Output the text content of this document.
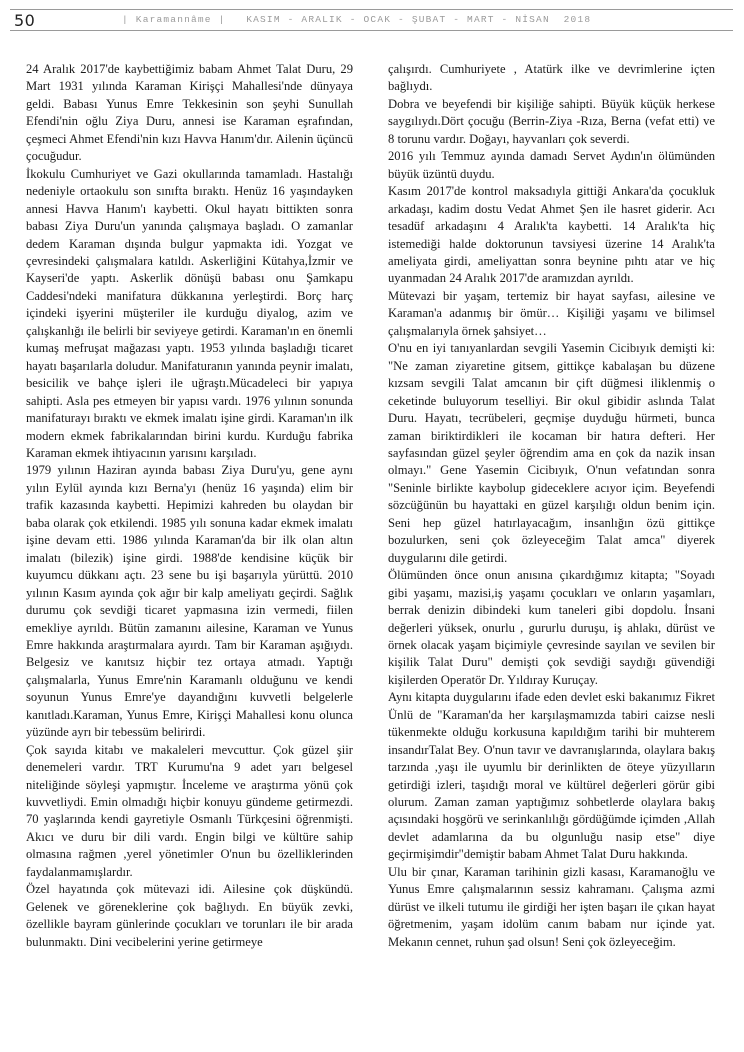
50	| Karamannâme |   KASIM - ARALIK - OCAK - ŞUBAT - MART - NİSAN  2018

24 Aralık 2017'de kaybettiğimiz babam Ahmet Talat Duru, 29 Mart 1931 yılında Karaman Kirişçi Mahallesi'nde dünyaya geldi. Babası Yunus Emre Tekkesinin son şeyhi Sunullah Efendi'nin oğlu Ziya Duru, annesi ise Karaman eşrafından, çeşmeci Ahmet Efendi'nin kızı Havva Hanım'dır. Ailenin üçüncü çocuğudur.

İkokulu Cumhuriyet ve Gazi okullarında tamamladı. Hastalığı nedeniyle ortaokulu son sınıfta bıraktı. Henüz 16 yaşındayken annesi Havva Hanım'ı kaybetti. Okul hayatı bittikten sonra babası Ziya Duru'un yanında çalışmaya başladı. O zamanlar dedem Karaman dışında bulgur yapmakta idi. Yozgat ve çevresindeki çalışmalara katıldı. Askerliğini Kütahya,İzmir ve Kayseri'de yaptı. Askerlik dönüşü babası onu Şamkapu Caddesi'ndeki manifatura dükkanına yerleştirdi. Borç harç içindeki işyerini müşteriler ile kurduğu diyalog, azim ve çalışkanlığı ile belirli bir seviyeye getirdi. Karaman'ın en önemli kumaş mefruşat mağazası yaptı. 1953 yılında başladığı ticaret hayatı başarılarla doludur. Manifaturanın yanında peynir imalatı, besicilik ve bahçe işleri ile uğraştı.Mücadeleci bir yapıya sahipti. Asla pes etmeyen bir yapısı vardı. 1976 yılının sonunda manifaturayı bıraktı ve ekmek imalatı işine girdi. Karaman'ın ilk modern ekmek fabrikalarından birini kurdu. Kurduğu fabrika Karaman ekmek ihtiyacının yarısını karşıladı.

1979 yılının Haziran ayında babası Ziya Duru'yu, gene aynı yılın Eylül ayında kızı Berna'yı (henüz 16 yaşında) elim bir trafik kazasında kaybetti. Hepimizi kahreden bu olaydan bir baba olarak çok etkilendi. 1985 yılı sonuna kadar ekmek imalatı işine devam etti. 1986 yılında Karaman'da bir ilk olan altın imalatı (bilezik) işine girdi. 1988'de kendisine küçük bir kuyumcu dükkanı açtı. 23 sene bu işi başarıyla yürüttü. 2010 yılının Kasım ayında çok ağır bir kalp ameliyatı geçirdi. Sağlık durumu çok sevdiği ticaret yapmasına izin vermedi, fiilen emekliye ayrıldı. Bütün zamanını ailesine, Karaman ve Yunus Emre hakkında araştırmalara ayırdı. Tam bir Karaman aşığıydı. Belgesiz ve kanıtsız hiçbir tez ortaya atmadı. Yaptığı çalışmalarla, Yunus Emre'nin Karamanlı olduğunu ve kendi soyunun Yunus Emre'ye dayandığını kuvvetli belgelerle kanıtladı.Karaman, Yunus Emre, Kirişçi Mahallesi konu olunca yüzünde ayrı bir tebessüm belirirdi.

Çok sayıda kitabı ve makaleleri mevcuttur. Çok güzel şiir denemeleri vardır. TRT Kurumu'na 9 adet yarı belgesel niteliğinde söyleşi yapmıştır. İnceleme ve araştırma yönü çok kuvvetliydi. Emin olmadığı hiçbir konuyu gündeme getirmezdi. 70 yaşlarında kendi gayretiyle Osmanlı Türkçesini öğrenmişti. Akıcı ve duru bir dili vardı. Engin bilgi ve kültüre sahip olmasına rağmen ,yerel yönetimler O'nun bu özelliklerinden faydalanmamışlardır.

Özel hayatında çok mütevazi idi. Ailesine çok düşkündü. Gelenek ve göreneklerine çok bağlıydı. En büyük zevki, özellikle bayram günlerinde çocukları ve torunları ile bir arada bulunmaktı. Dini vecibelerini yerine getirmeye

çalışırdı. Cumhuriyete , Atatürk ilke ve devrimlerine içten bağlıydı.

Dobra ve beyefendi bir kişiliğe sahipti. Büyük küçük herkese saygılıydı.Dört çocuğu (Berrin-Ziya -Rıza, Berna (vefat etti) ve 8 torunu vardır. Doğayı, hayvanları çok severdi.

2016 yılı Temmuz ayında damadı Servet Aydın'ın ölümünden büyük üzüntü duydu.

Kasım 2017'de kontrol maksadıyla gittiği Ankara'da çocukluk arkadaşı, kadim dostu Vedat Ahmet Şen ile hasret giderir. Acı tesadüf arkadaşını 4 Aralık'ta kaybetti. 14 Aralık'ta hiç istemediği halde doktorunun tavsiyesi üzerine 14 Aralık'ta ameliyata girdi, ameliyattan sonra beynine pıhtı atar ve hiç uyanmadan 24 Aralık 2017'de aramızdan ayrıldı.

Mütevazi bir yaşam, tertemiz bir hayat sayfası, ailesine ve Karaman'a adanmış bir ömür… Kişiliği yaşamı ve bilimsel çalışmalarıyla örnek şahsiyet…

O'nu en iyi tanıyanlardan sevgili Yasemin Cicibıyık demişti ki: "Ne zaman ziyaretine gitsem, gittikçe kabalaşan bu düzene kızsam sevgili Talat amcanın bir çift düğmesi iliklenmiş o ceketinde buluyorum teselliyi. Bir okul gibidir aslında Talat Duru. Hayatı, tecrübeleri, geçmişe duyduğu hürmeti, bunca zaman biriktirdikleri ile kocaman bir hatıra defteri. Her sayfasından güzel şeyler öğrendim ama en çok da nazik insan olmayı." Gene Yasemin Cicibıyık, O'nun vefatından sonra "Seninle birlikte kaybolup gideceklere acıyor içim. Beyefendi sözcüğünün bu hayattaki en güzel karşılığı oldun benim için. Seni hep güzel hatırlayacağım, insanlığın özü gittikçe bozulurken, seni çok özleyeceğim Talat amca" diyerek duygularını dile getirdi.

Ölümünden önce onun anısına çıkardığımız kitapta; "Soyadı gibi yaşamı, mazisi,iş yaşamı çocukları ve onların yaşamları, berrak denizin dibindeki kum taneleri gibi dopdolu. İnsani değerleri yüksek, onurlu , gururlu duruşu, iş ahlakı, dürüst ve örnek olacak yaşam biçimiyle çevresinde sayılan ve sevilen bir kişilik Talat Duru" demişti çok sevdiği saydığı güvendiği kişilerden Operatör Dr. Yıldıray Kuruçay.

Aynı kitapta duygularını ifade eden devlet eski bakanımız Fikret Ünlü de "Karaman'da her karşılaşmamızda tabiri caizse nesli tükenmekte olduğu korkusuna kapıldığım tarihi bir muhterem insandırTalat Bey. O'nun tavır ve davranışlarında, olaylara bakış tarzında ,yaşı ile uyumlu bir derinlikten de öteye yüzyılların getirdiği izleri, taşıdığı moral ve kültürel değerleri görür gibi olurum. Zaman zaman yaptığımız sohbetlerde olaylara bakış açısındaki hoşgörü ve serinkanlılığı gördüğümde içimden ,Allah devlet adamlarına da bu olgunluğu nasip etse" diye geçirmişimdir"demiştir babam Ahmet Talat Duru hakkında.

Ulu bir çınar, Karaman tarihinin gizli kasası, Karamanoğlu ve Yunus Emre çalışmalarının sessiz kahramanı. Çalışma azmi dürüst ve ilkeli tutumu ile girdiği her işten başarı ile çıkan hayat öğretmenim, yaşam idolüm canım babam nur içinde yat. Mekanın cennet, ruhun şad olsun! Seni çok özleyeceğim.
